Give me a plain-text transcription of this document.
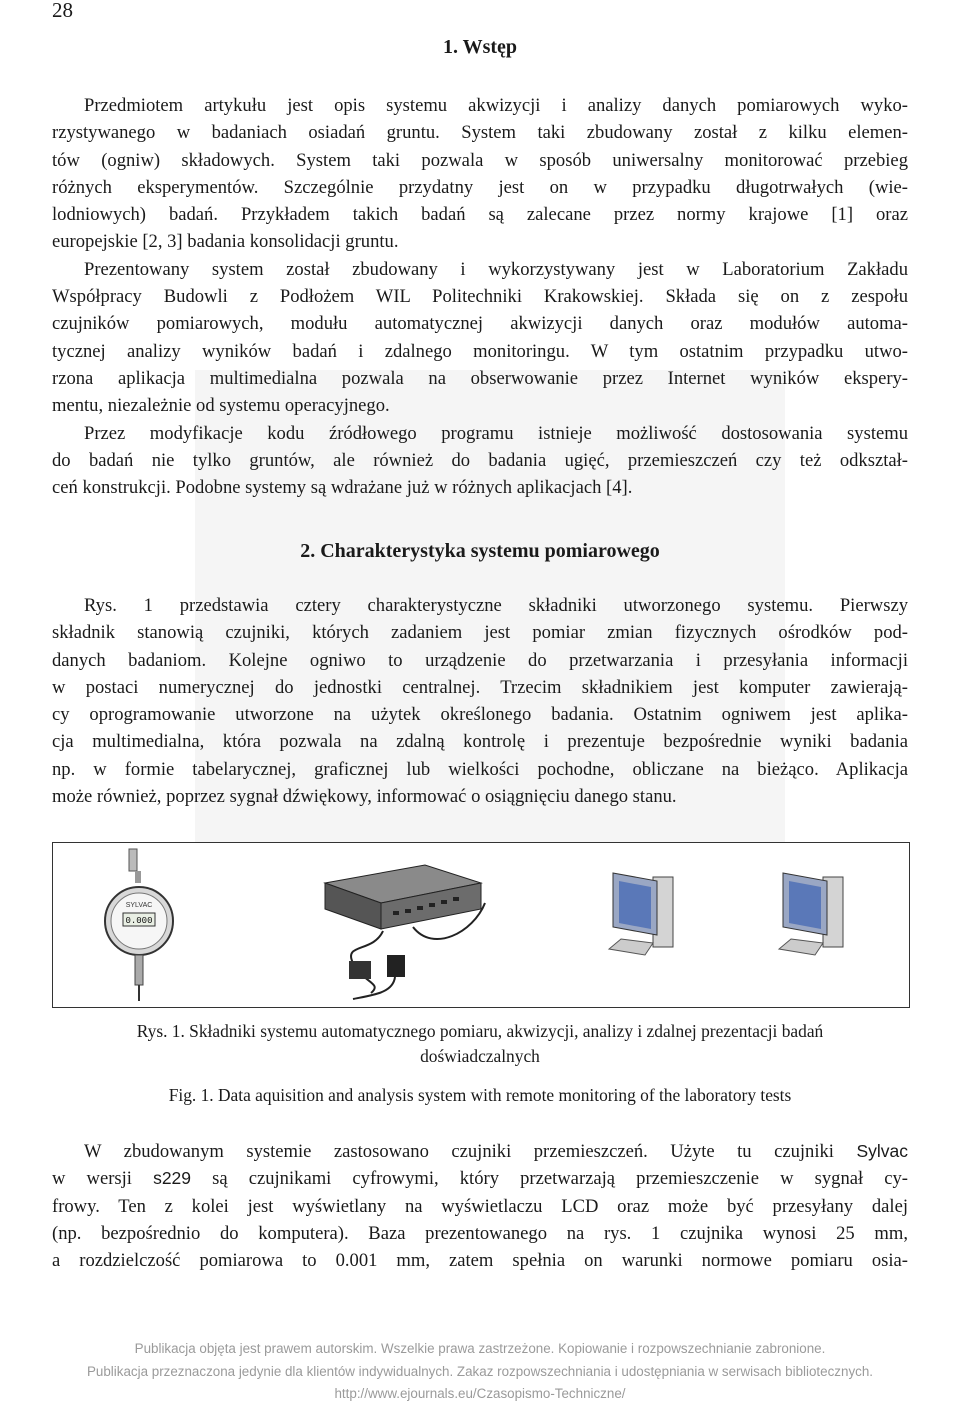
28
1. Wstęp
Przedmiotem artykułu jest opis systemu akwizycji i analizy danych pomiarowych wyko-
rzystywanego w badaniach osiadań gruntu. System taki zbudowany został z kilku elemen-
tów (ogniw) składowych. System taki pozwala w sposób uniwersalny monitorować przebieg
różnych eksperymentów. Szczególnie przydatny jest on w przypadku długotrwałych (wie-
lodniowych) badań. Przykładem takich badań są zalecane przez normy krajowe [1] oraz
europejskie [2, 3] badania konsolidacji gruntu.
Prezentowany system został zbudowany i wykorzystywany jest w Laboratorium Zakładu
Współpracy Budowli z Podłożem WIL Politechniki Krakowskiej. Składa się on z zespołu
czujników pomiarowych, modułu automatycznej akwizycji danych oraz modułów automa-
tycznej analizy wyników badań i zdalnego monitoringu. W tym ostatnim przypadku utwo-
rzona aplikacja multimedialna pozwala na obserwowanie przez Internet wyników ekspery-
mentu, niezależnie od systemu operacyjnego.
Przez modyfikacje kodu źródłowego programu istnieje możliwość dostosowania systemu
do badań nie tylko gruntów, ale również do badania ugięć, przemieszczeń czy też odkształ-
ceń konstrukcji. Podobne systemy są wdrażane już w różnych aplikacjach [4].
2. Charakterystyka systemu pomiarowego
Rys. 1 przedstawia cztery charakterystyczne składniki utworzonego systemu. Pierwszy
składnik stanowią czujniki, których zadaniem jest pomiar zmian fizycznych ośrodków pod-
danych badaniom. Kolejne ogniwo to urządzenie do przetwarzania i przesyłania informacji
w postaci numerycznej do jednostki centralnej. Trzecim składnikiem jest komputer zawierają-
cy oprogramowanie utworzone na użytek określonego badania. Ostatnim ogniwem jest aplika-
cja multimedialna, która pozwala na zdalną kontrolę i prezentuje bezpośrednie wyniki badania
np. w formie tabelarycznej, graficznej lub wielkości pochodne, obliczane na bieżąco. Aplikacja
może również, poprzez sygnał dźwiękowy, informować o osiągnięciu danego stanu.
SYLVAC
0.000
Rys. 1. Składniki systemu automatycznego pomiaru, akwizycji, analizy i zdalnej prezentacji badań
doświadczalnych
Fig. 1. Data aquisition and analysis system with remote monitoring of the laboratory tests
W zbudowanym systemie zastosowano czujniki przemieszczeń. Użyte tu czujniki Sylvac
w wersji s229 są czujnikami cyfrowymi, który przetwarzają przemieszczenie w sygnał cy-
frowy. Ten z kolei jest wyświetlany na wyświetlaczu LCD oraz może być przesyłany dalej
(np. bezpośrednio do komputera). Baza prezentowanego na rys. 1 czujnika wynosi 25 mm,
a rozdzielczość pomiarowa to 0.001 mm, zatem spełnia on warunki normowe pomiaru osia-
Publikacja objęta jest prawem autorskim. Wszelkie prawa zastrzeżone. Kopiowanie i rozpowszechnianie zabronione.
Publikacja przeznaczona jedynie dla klientów indywidualnych. Zakaz rozpowszechniania i udostępniania w serwisach bibliotecznych.
http://www.ejournals.eu/Czasopismo-Techniczne/
